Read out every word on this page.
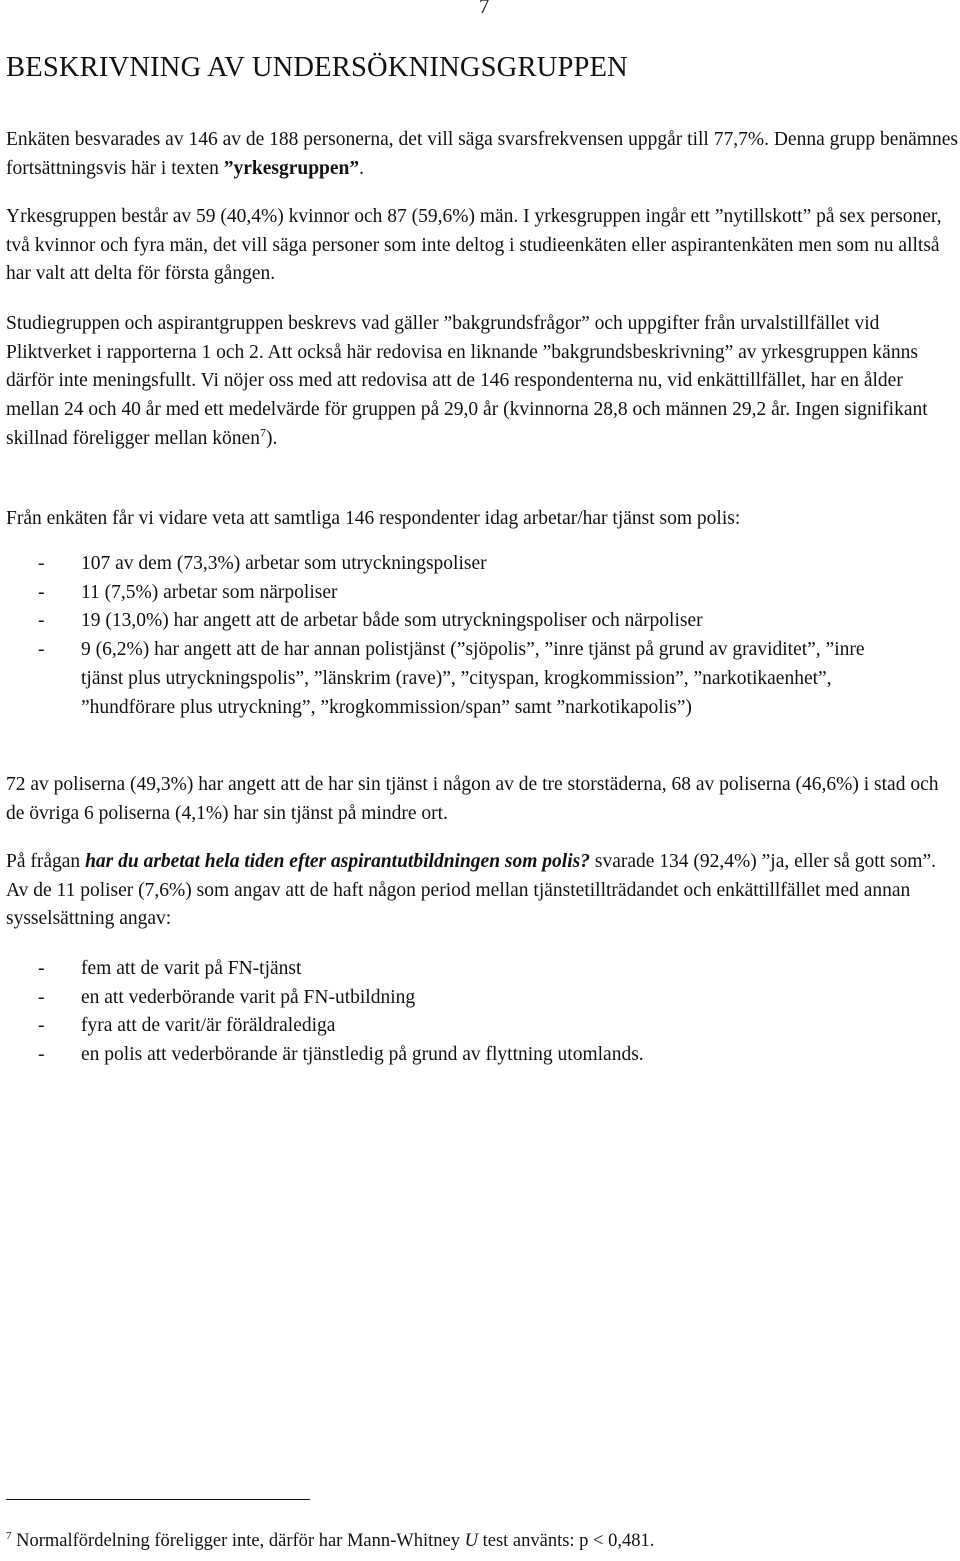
7
BESKRIVNING AV UNDERSÖKNINGSGRUPPEN

Enkäten besvarades av 146 av de 188 personerna, det vill säga svarsfrekvensen uppgår till 77,7%. Denna grupp benämnes fortsättningsvis här i texten ”yrkesgruppen”.

Yrkesgruppen består av 59 (40,4%) kvinnor och 87 (59,6%) män. I yrkesgruppen ingår ett ”nytillskott” på sex personer, två kvinnor och fyra män, det vill säga personer som inte deltog i studieenkäten eller aspirantenkäten men som nu alltså har valt att delta för första gången.

Studiegruppen och aspirantgruppen beskrevs vad gäller ”bakgrundsfrågor” och uppgifter från urvalstillfället vid Pliktverket i rapporterna 1 och 2. Att också här redovisa en liknande ”bakgrundsbeskrivning” av yrkesgruppen känns därför inte meningsfullt. Vi nöjer oss med att redovisa att de 146 respondenterna nu, vid enkättillfället, har en ålder mellan 24 och 40 år med ett medelvärde för gruppen på 29,0 år (kvinnorna 28,8 och männen 29,2 år. Ingen signifikant skillnad föreligger mellan könen$^7$).

Från enkäten får vi vidare veta att samtliga 146 respondenter idag arbetar/har tjänst som polis:

- 107 av dem (73,3%) arbetar som utryckningspoliser
- 11 (7,5%) arbetar som närpoliser
- 19 (13,0%) har angett att de arbetar både som utryckningspoliser och närpoliser
- 9 (6,2%) har angett att de har annan polistjänst (”sjöpolis”, ”inre tjänst på grund av graviditet”, ”inre tjänst plus utryckningspolis”, ”länskrim (rave)”, ”cityspan, krogkommission”, ”narkotikaenhet”, ”hundförare plus utryckning”, ”krogkommission/span” samt ”narkotikapolis”)

72 av poliserna (49,3%) har angett att de har sin tjänst i någon av de tre storstäderna, 68 av poliserna (46,6%) i stad och de övriga 6 poliserna (4,1%) har sin tjänst på mindre ort.

På frågan har du arbetat hela tiden efter aspirantutbildningen som polis? svarade 134 (92,4%) ”ja, eller så gott som”. Av de 11 poliser (7,6%) som angav att de haft någon period mellan tjänstetillträdandet och enkättillfället med annan sysselsättning angav:

- fem att de varit på FN-tjänst
- en att vederbörande varit på FN-utbildning
- fyra att de varit/är föräldralediga
- en polis att vederbörande är tjänstledig på grund av flyttning utomlands.

$^7$ Normalfördelning föreligger inte, därför har Mann-Whitney U test använts: p < 0,481.
